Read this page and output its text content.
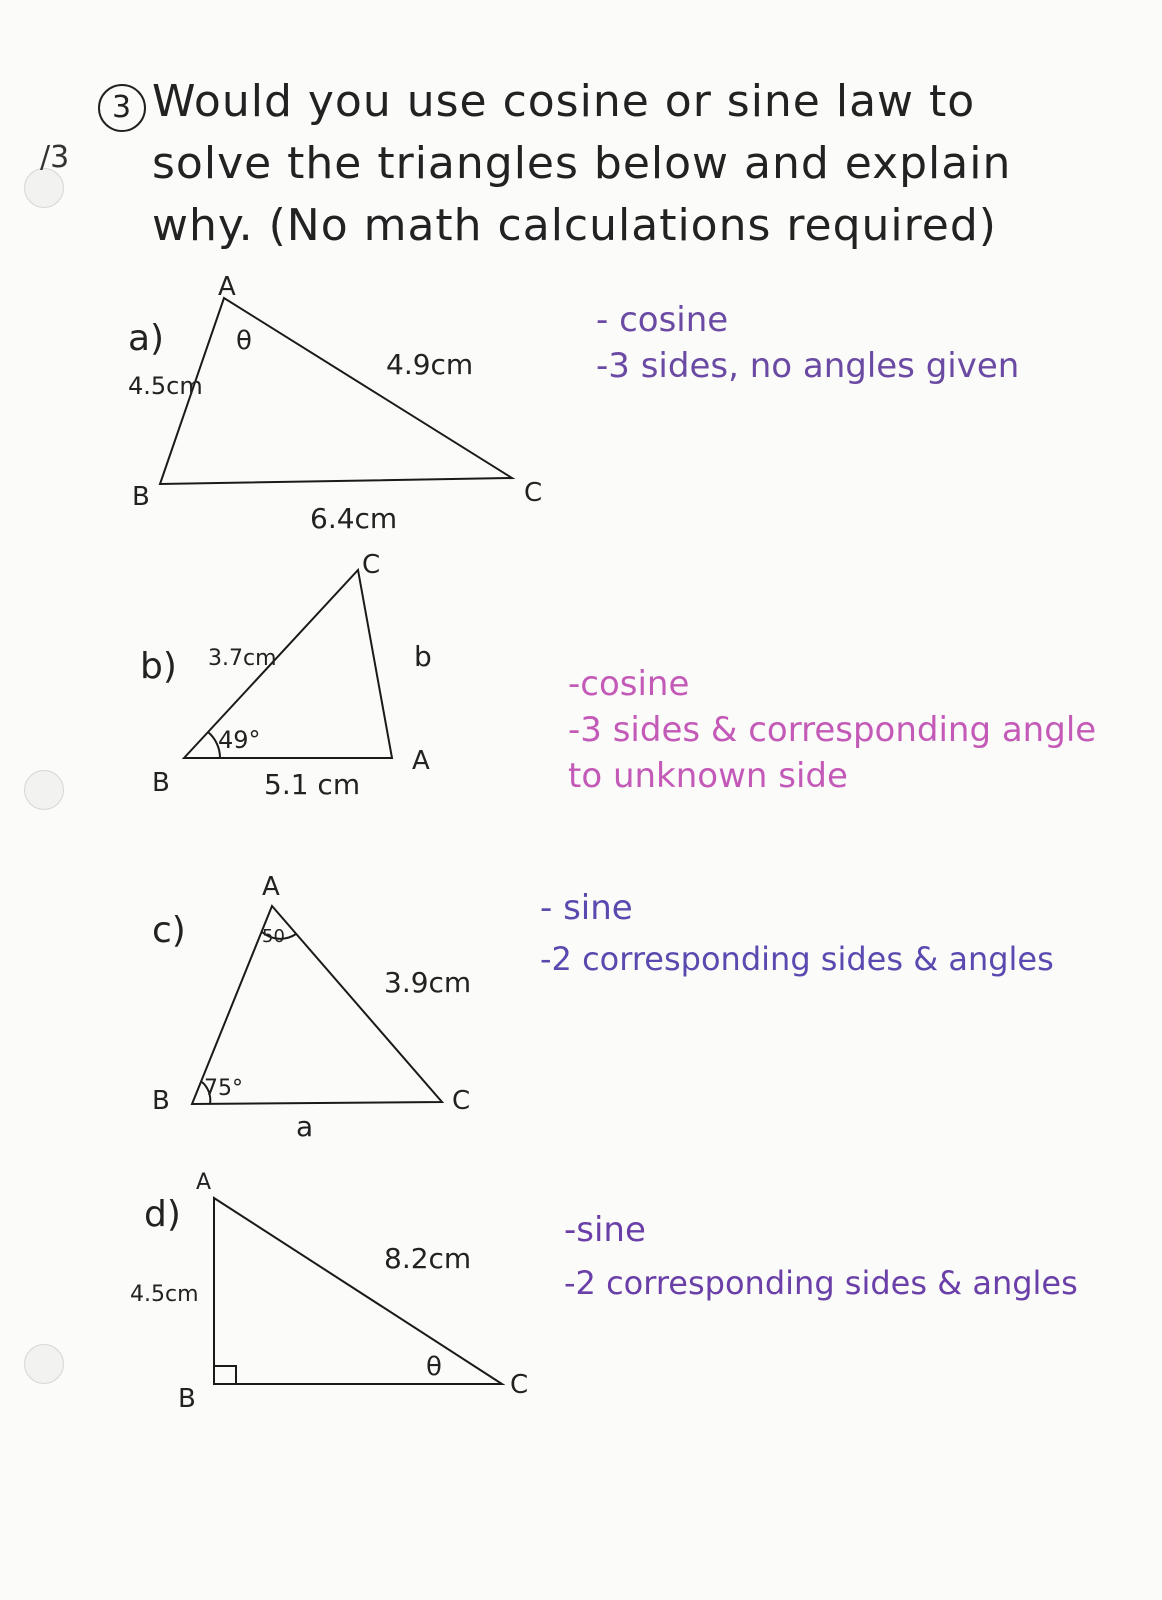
/3
3 Would you use cosine or sine law to
solve the triangles below and explain
why. (No math calculations required)
a)
A
B	C
θ
4.5cm
4.9cm
6.4cm
- cosine
-3 sides, no angles given
b)
C
B
A
3.7cm	b
5.1 cm
49°
-cosine
-3 sides & corresponding angle
to unknown side
c)
A
B	C
50
75°
3.9cm
a
- sine
-2 corresponding sides & angles
d)
A
B	C
4.5cm
8.2cm
θ
-sine
-2 corresponding sides & angles
